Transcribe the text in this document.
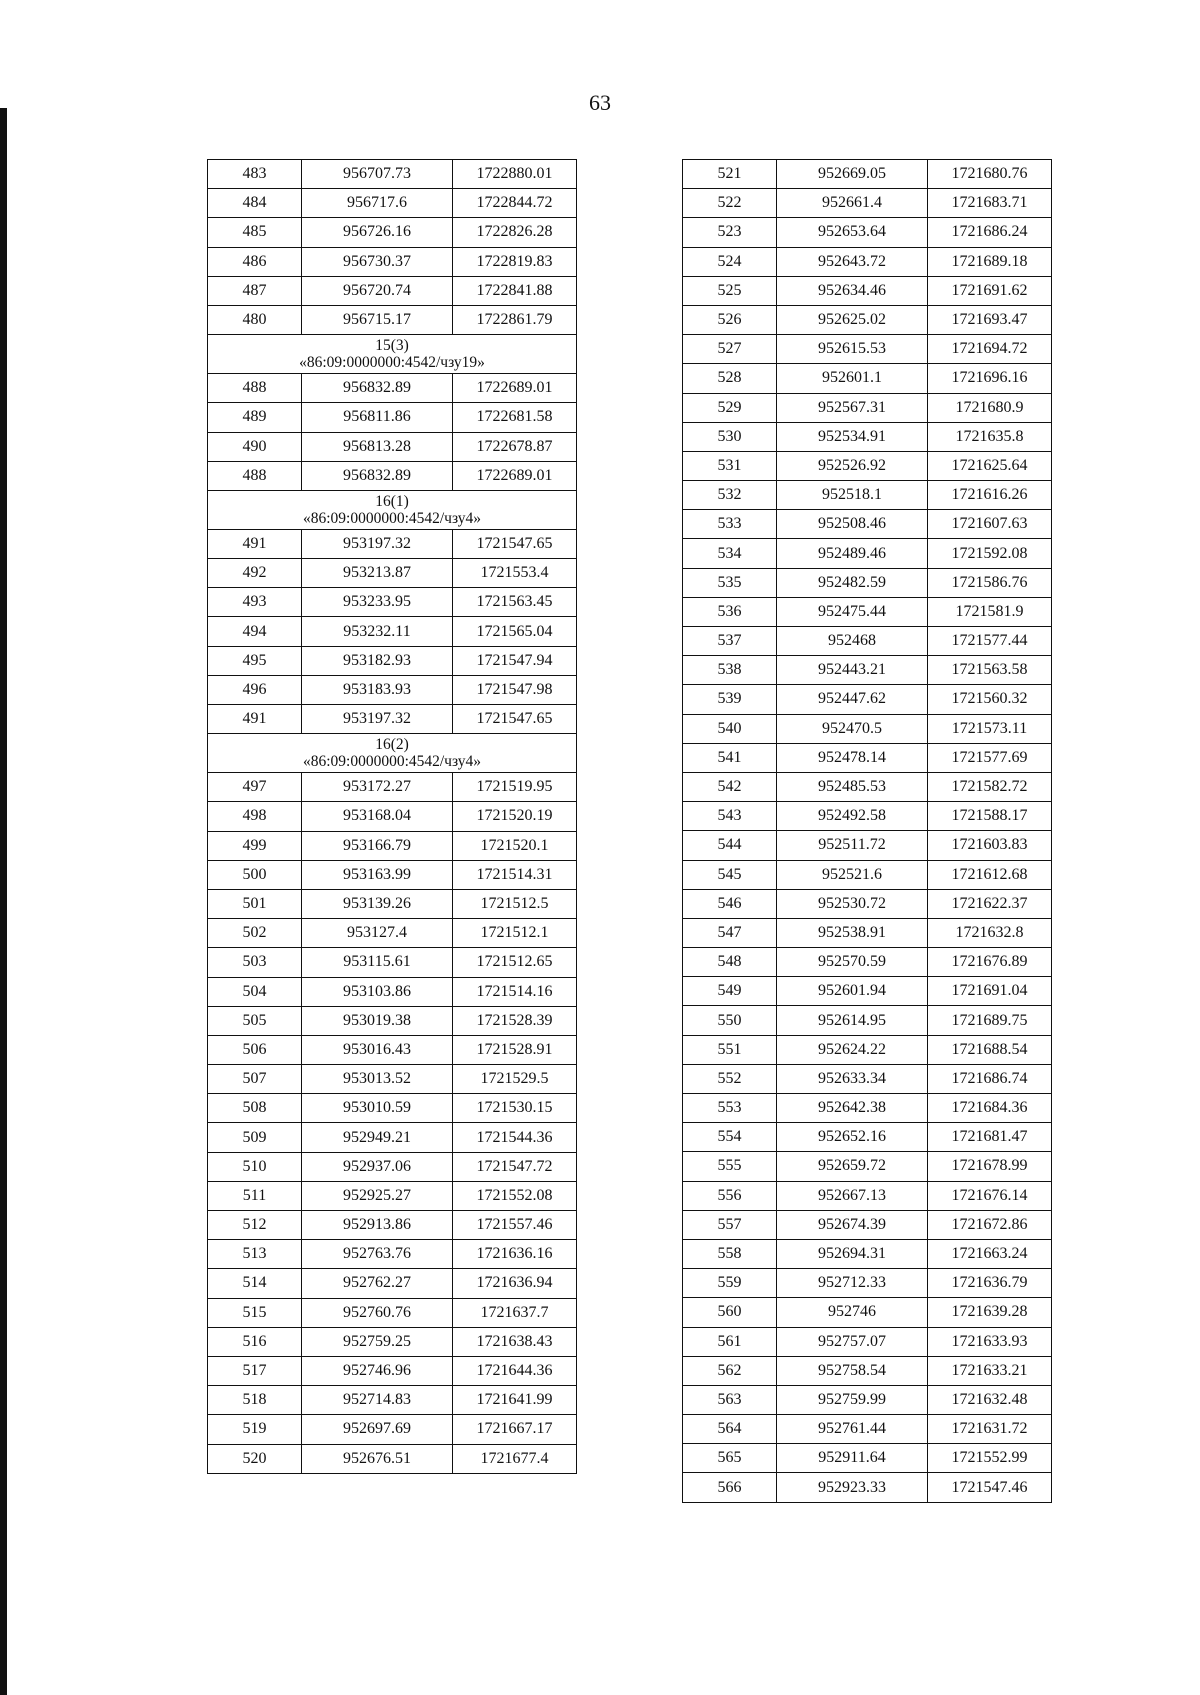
63
483	956707.73	1722880.01
484	956717.6	1722844.72
485	956726.16	1722826.28
486	956730.37	1722819.83
487	956720.74	1722841.88
480	956715.17	1722861.79

15(3)
«86:09:0000000:4542/чзу19»		

488	956832.89	1722689.01
489	956811.86	1722681.58
490	956813.28	1722678.87
488	956832.89	1722689.01

16(1)
«86:09:0000000:4542/чзу4»		

491	953197.32	1721547.65
492	953213.87	1721553.4
493	953233.95	1721563.45
494	953232.11	1721565.04
495	953182.93	1721547.94
496	953183.93	1721547.98
491	953197.32	1721547.65

16(2)
«86:09:0000000:4542/чзу4»		

497	953172.27	1721519.95
498	953168.04	1721520.19
499	953166.79	1721520.1
500	953163.99	1721514.31
501	953139.26	1721512.5
502	953127.4	1721512.1
503	953115.61	1721512.65
504	953103.86	1721514.16
505	953019.38	1721528.39
506	953016.43	1721528.91
507	953013.52	1721529.5
508	953010.59	1721530.15
509	952949.21	1721544.36
510	952937.06	1721547.72
511	952925.27	1721552.08
512	952913.86	1721557.46
513	952763.76	1721636.16
514	952762.27	1721636.94
515	952760.76	1721637.7
516	952759.25	1721638.43
517	952746.96	1721644.36
518	952714.83	1721641.99
519	952697.69	1721667.17
520	952676.51	1721677.4
521	952669.05	1721680.76
522	952661.4	1721683.71
523	952653.64	1721686.24
524	952643.72	1721689.18
525	952634.46	1721691.62
526	952625.02	1721693.47
527	952615.53	1721694.72
528	952601.1	1721696.16
529	952567.31	1721680.9
530	952534.91	1721635.8
531	952526.92	1721625.64
532	952518.1	1721616.26
533	952508.46	1721607.63
534	952489.46	1721592.08
535	952482.59	1721586.76
536	952475.44	1721581.9
537	952468	1721577.44
538	952443.21	1721563.58
539	952447.62	1721560.32
540	952470.5	1721573.11
541	952478.14	1721577.69
542	952485.53	1721582.72
543	952492.58	1721588.17
544	952511.72	1721603.83
545	952521.6	1721612.68
546	952530.72	1721622.37
547	952538.91	1721632.8
548	952570.59	1721676.89
549	952601.94	1721691.04
550	952614.95	1721689.75
551	952624.22	1721688.54
552	952633.34	1721686.74
553	952642.38	1721684.36
554	952652.16	1721681.47
555	952659.72	1721678.99
556	952667.13	1721676.14
557	952674.39	1721672.86
558	952694.31	1721663.24
559	952712.33	1721636.79
560	952746	1721639.28
561	952757.07	1721633.93
562	952758.54	1721633.21
563	952759.99	1721632.48
564	952761.44	1721631.72
565	952911.64	1721552.99
566	952923.33	1721547.46
